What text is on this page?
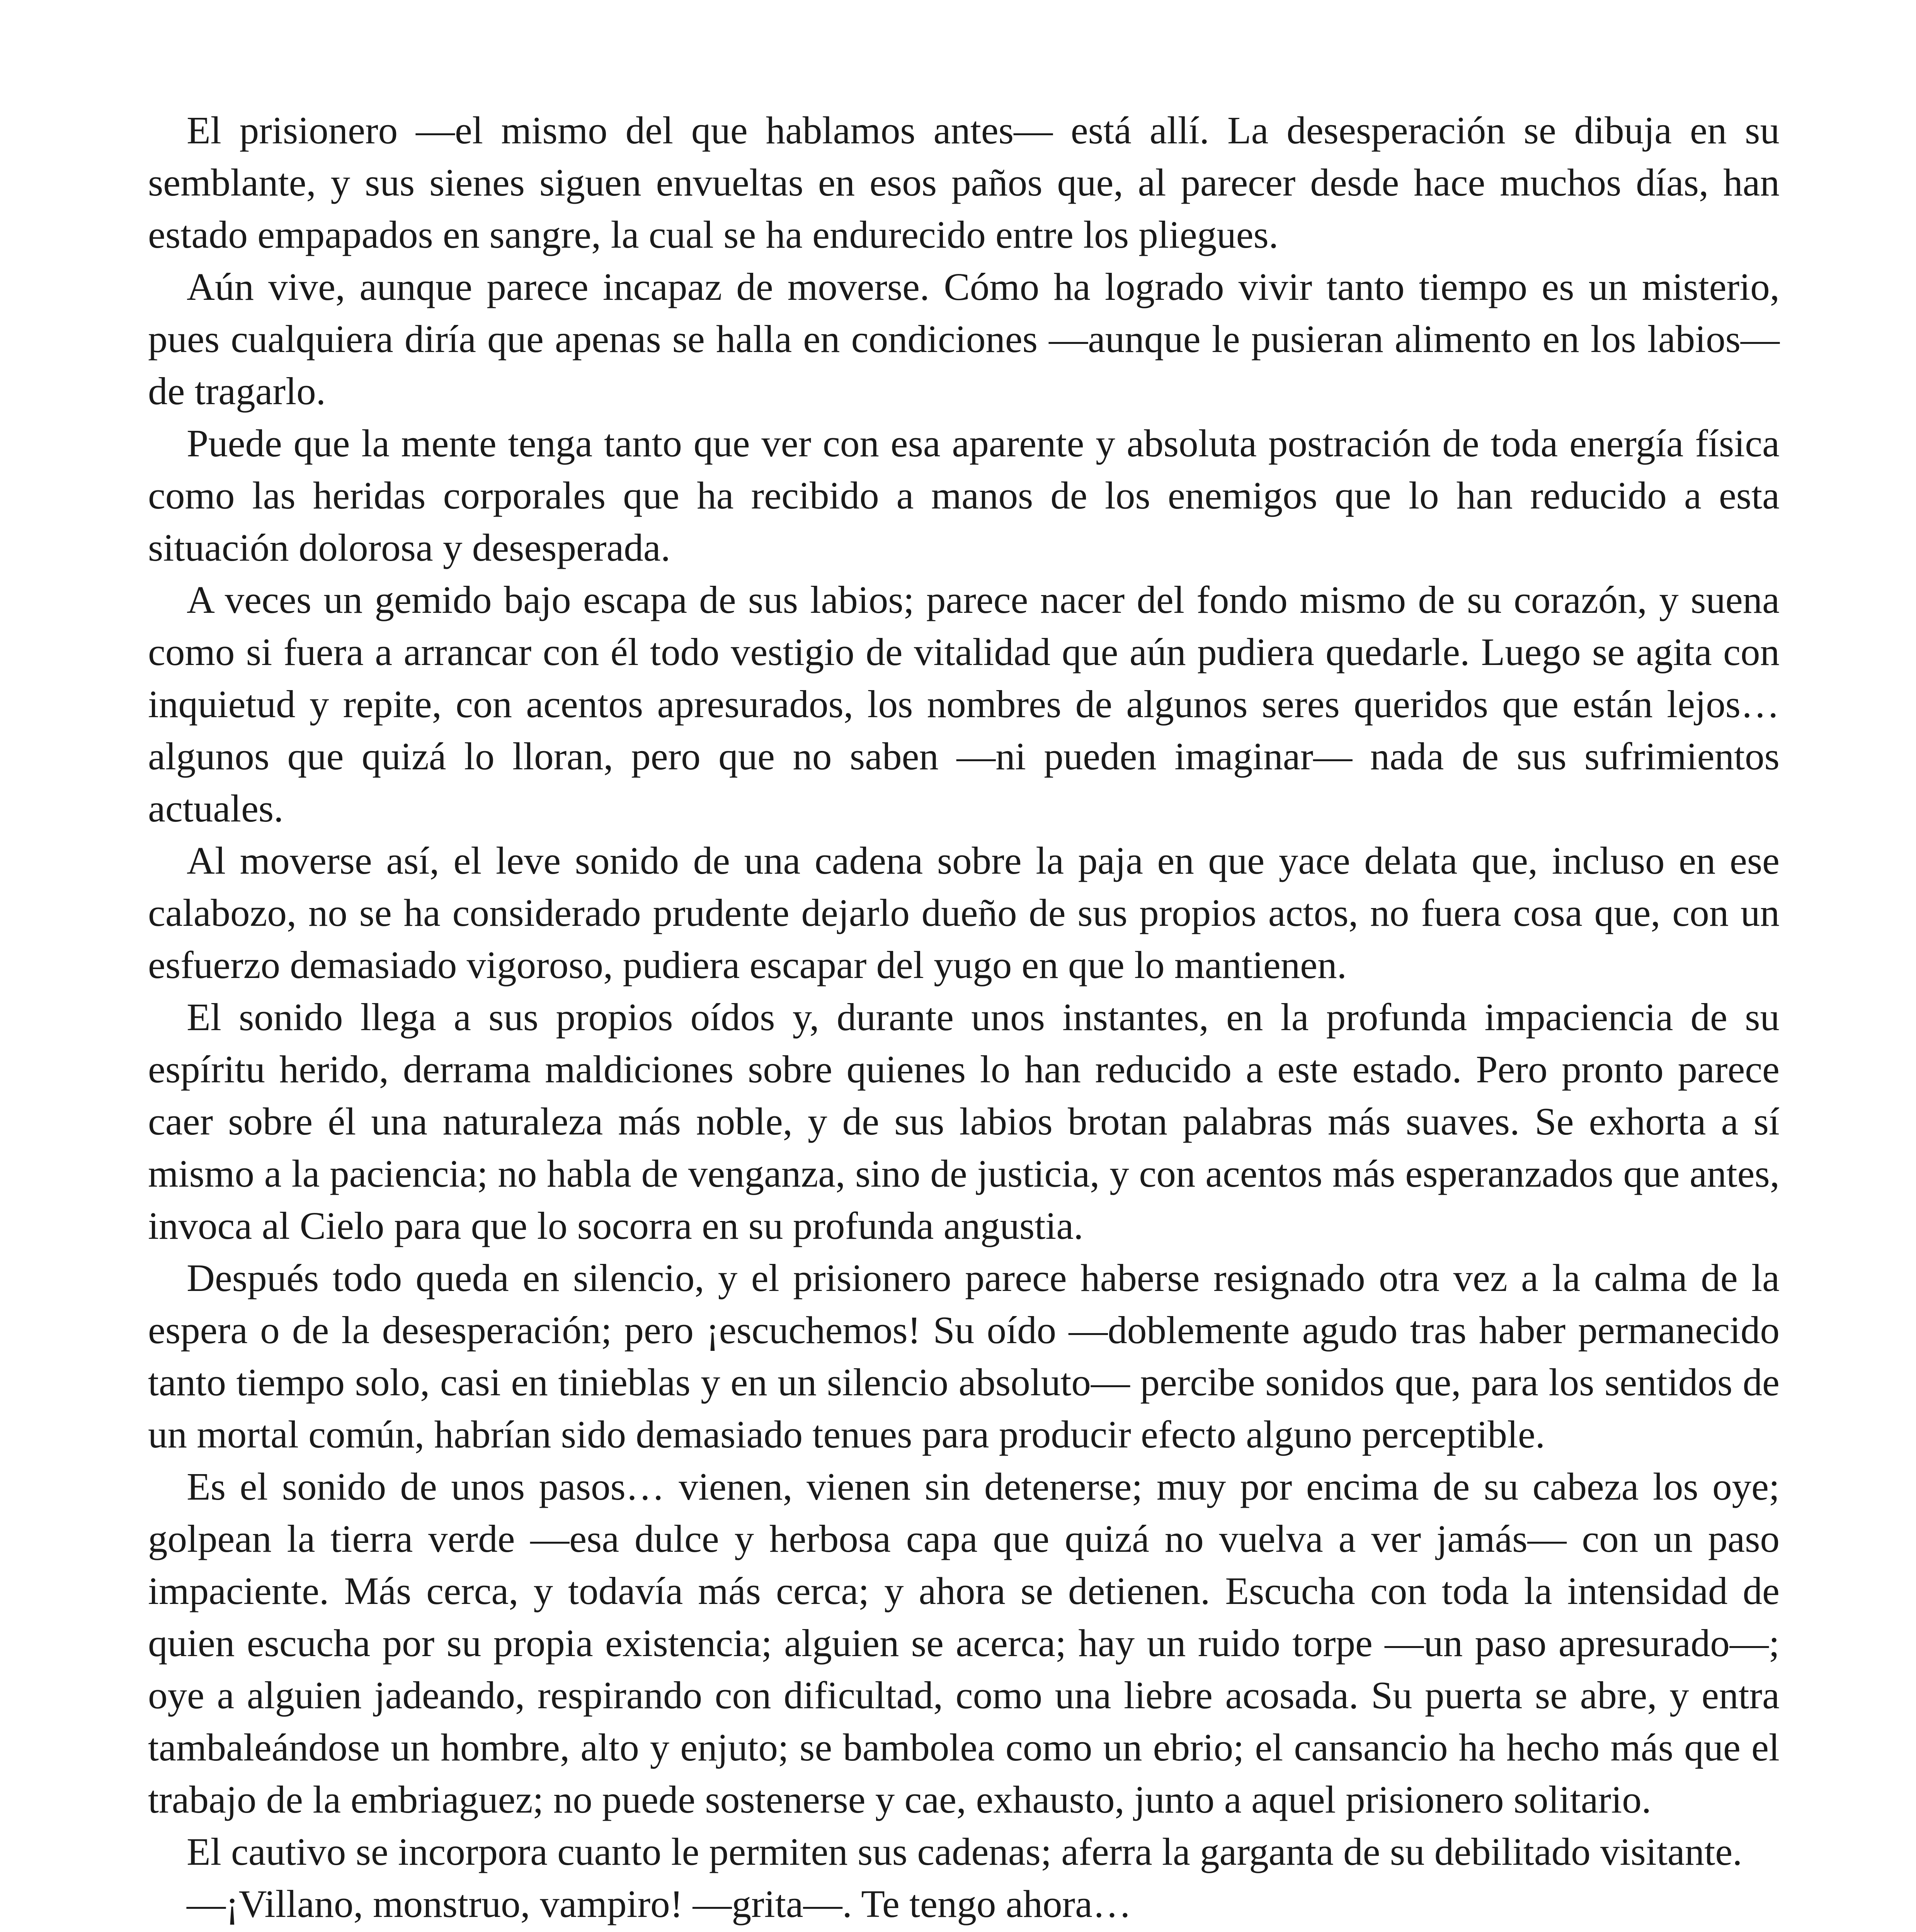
El prisionero —el mismo del que hablamos antes— está allí. La desesperación se dibuja en su semblante, y sus sienes siguen envueltas en esos paños que, al parecer desde hace muchos días, han estado empapados en sangre, la cual se ha endurecido entre los pliegues.

Aún vive, aunque parece incapaz de moverse. Cómo ha logrado vivir tanto tiempo es un misterio, pues cualquiera diría que apenas se halla en condiciones —aunque le pusieran alimento en los labios— de tragarlo.

Puede que la mente tenga tanto que ver con esa aparente y absoluta postración de toda energía física como las heridas corporales que ha recibido a manos de los enemigos que lo han reducido a esta situación dolorosa y desesperada.

A veces un gemido bajo escapa de sus labios; parece nacer del fondo mismo de su corazón, y suena como si fuera a arrancar con él todo vestigio de vitalidad que aún pudiera quedarle. Luego se agita con inquietud y repite, con acentos apresurados, los nombres de algunos seres queridos que están lejos… algunos que quizá lo lloran, pero que no saben —ni pueden imaginar— nada de sus sufrimientos actuales.

Al moverse así, el leve sonido de una cadena sobre la paja en que yace delata que, incluso en ese calabozo, no se ha considerado prudente dejarlo dueño de sus propios actos, no fuera cosa que, con un esfuerzo demasiado vigoroso, pudiera escapar del yugo en que lo mantienen.

El sonido llega a sus propios oídos y, durante unos instantes, en la profunda impaciencia de su espíritu herido, derrama maldiciones sobre quienes lo han reducido a este estado. Pero pronto parece caer sobre él una naturaleza más noble, y de sus labios brotan palabras más suaves. Se exhorta a sí mismo a la paciencia; no habla de venganza, sino de justicia, y con acentos más esperanzados que antes, invoca al Cielo para que lo socorra en su profunda angustia.

Después todo queda en silencio, y el prisionero parece haberse resignado otra vez a la calma de la espera o de la desesperación; pero ¡escuchemos! Su oído —doblemente agudo tras haber permanecido tanto tiempo solo, casi en tinieblas y en un silencio absoluto— percibe sonidos que, para los sentidos de un mortal común, habrían sido demasiado tenues para producir efecto alguno perceptible.

Es el sonido de unos pasos… vienen, vienen sin detenerse; muy por encima de su cabeza los oye; golpean la tierra verde —esa dulce y herbosa capa que quizá no vuelva a ver jamás— con un paso impaciente. Más cerca, y todavía más cerca; y ahora se detienen. Escucha con toda la intensidad de quien escucha por su propia existencia; alguien se acerca; hay un ruido torpe —un paso apresurado—; oye a alguien jadeando, respirando con dificultad, como una liebre acosada. Su puerta se abre, y entra tambaleándose un hombre, alto y enjuto; se bambolea como un ebrio; el cansancio ha hecho más que el trabajo de la embriaguez; no puede sostenerse y cae, exhausto, junto a aquel prisionero solitario.

El cautivo se incorpora cuanto le permiten sus cadenas; aferra la garganta de su debilitado visitante.

—¡Villano, monstruo, vampiro! —grita—. Te tengo ahora…
